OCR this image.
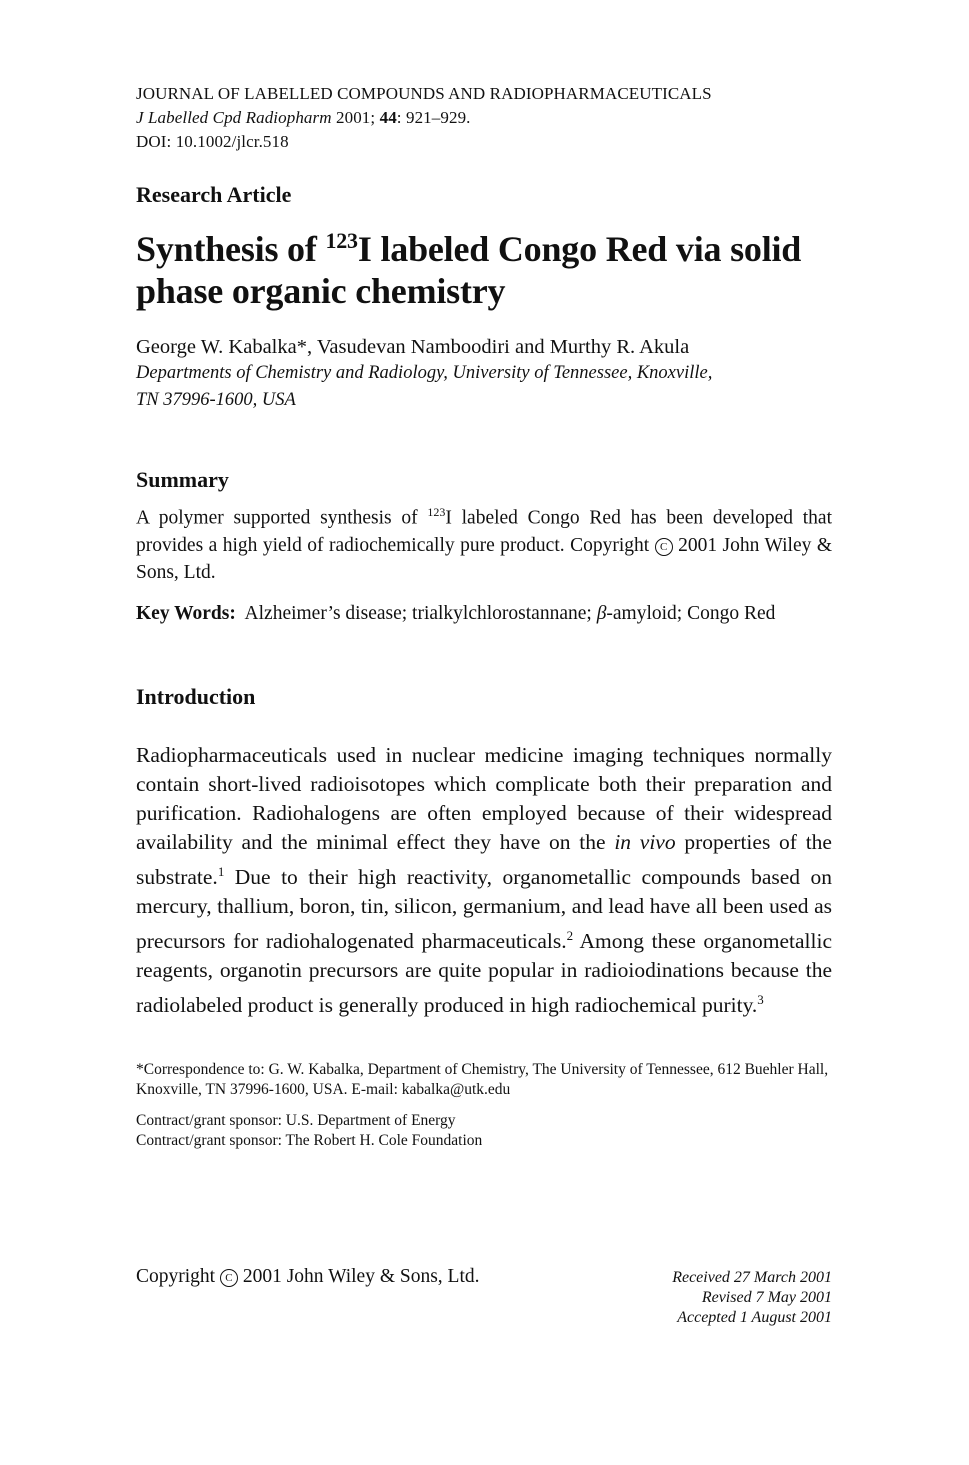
JOURNAL OF LABELLED COMPOUNDS AND RADIOPHARMACEUTICALS
J Labelled Cpd Radiopharm 2001; 44: 921–929.
DOI: 10.1002/jlcr.518
Research Article
Synthesis of $^{123}$I labeled Congo Red via solid phase organic chemistry
George W. Kabalka*, Vasudevan Namboodiri and Murthy R. Akula
Departments of Chemistry and Radiology, University of Tennessee, Knoxville,
TN 37996-1600, USA
Summary
A polymer supported synthesis of $^{123}$I labeled Congo Red has been developed that provides a high yield of radiochemically pure product. Copyright C 2001 John Wiley & Sons, Ltd.
Key Words:  Alzheimer’s disease; trialkylchlorostannane; β-amyloid; Congo Red
Introduction
Radiopharmaceuticals used in nuclear medicine imaging techniques normally contain short-lived radioisotopes which complicate both their preparation and purification. Radiohalogens are often employed because of their widespread availability and the minimal effect they have on the in vivo properties of the substrate.$^1$ Due to their high reactivity, organometallic compounds based on mercury, thallium, boron, tin, silicon, germanium, and lead have all been used as precursors for radiohalogenated pharmaceuticals.$^2$ Among these organometallic reagents, organotin precursors are quite popular in radioiodinations because the radiolabeled product is generally produced in high radiochemical purity.$^3$

*Correspondence to: G. W. Kabalka, Department of Chemistry, The University of Tennessee, 612 Buehler Hall, Knoxville, TN 37996-1600, USA. E-mail: kabalka@utk.edu

Contract/grant sponsor: U.S. Department of Energy
Contract/grant sponsor: The Robert H. Cole Foundation
Copyright C 2001 John Wiley & Sons, Ltd.	Received 27 March 2001
Revised 7 May 2001
Accepted 1 August 2001
